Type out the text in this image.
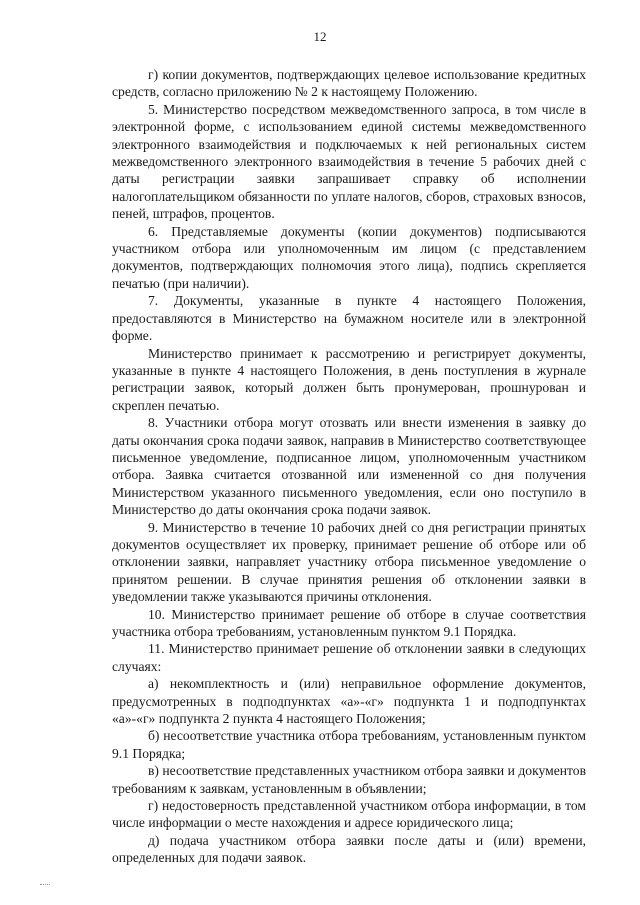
12

г) копии документов, подтверждающих целевое использование кредитных средств, согласно приложению № 2 к настоящему Положению.

5. Министерство посредством межведомственного запроса, в том числе в электронной форме, с использованием единой системы межведомственного электронного взаимодействия и подключаемых к ней региональных систем межведомственного электронного взаимодействия в течение 5 рабочих дней с даты регистрации заявки запрашивает справку об исполнении налогоплательщиком обязанности по уплате налогов, сборов, страховых взносов, пеней, штрафов, процентов.

6. Представляемые документы (копии документов) подписываются участником отбора или уполномоченным им лицом (с представлением документов, подтверждающих полномочия этого лица), подпись скрепляется печатью (при наличии).

7. Документы, указанные в пункте 4 настоящего Положения, предоставляются в Министерство на бумажном носителе или в электронной форме.

Министерство принимает к рассмотрению и регистрирует документы, указанные в пункте 4 настоящего Положения, в день поступления в журнале регистрации заявок, который должен быть пронумерован, прошнурован и скреплен печатью.

8. Участники отбора могут отозвать или внести изменения в заявку до даты окончания срока подачи заявок, направив в Министерство соответствующее письменное уведомление, подписанное лицом, уполномоченным участником отбора. Заявка считается отозванной или измененной со дня получения Министерством указанного письменного уведомления, если оно поступило в Министерство до даты окончания срока подачи заявок.

9. Министерство в течение 10 рабочих дней со дня регистрации принятых документов осуществляет их проверку, принимает решение об отборе или об отклонении заявки, направляет участнику отбора письменное уведомление о принятом решении. В случае принятия решения об отклонении заявки в уведомлении также указываются причины отклонения.

10. Министерство принимает решение об отборе в случае соответствия участника отбора требованиям, установленным пунктом 9.1 Порядка.

11. Министерство принимает решение об отклонении заявки в следующих случаях:

а) некомплектность и (или) неправильное оформление документов, предусмотренных в подподпунктах «а»-«г» подпункта 1 и подподпунктах «а»-«г» подпункта 2 пункта 4 настоящего Положения;

б) несоответствие участника отбора требованиям, установленным пунктом 9.1 Порядка;

в) несоответствие представленных участником отбора заявки и документов требованиям к заявкам, установленным в объявлении;

г) недостоверность представленной участником отбора информации, в том числе информации о месте нахождения и адресе юридического лица;

д) подача участником отбора заявки после даты и (или) времени, определенных для подачи заявок.
